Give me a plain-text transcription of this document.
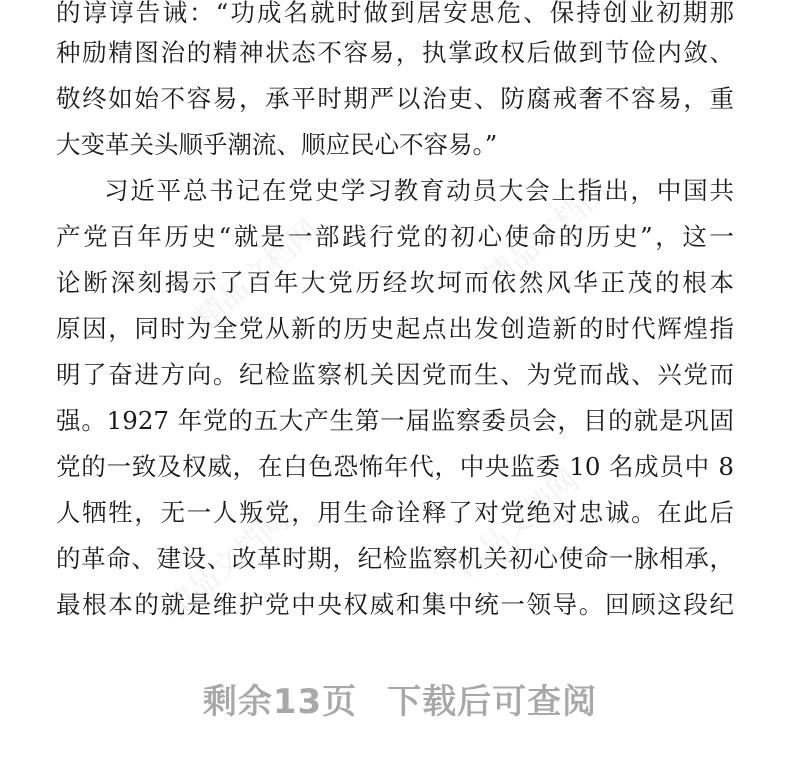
精品文档网	精品文档网
精品文档网	精品文档网
的谆谆告诫：“功成名就时做到居安思危、保持创业初期那
种励精图治的精神状态不容易，执掌政权后做到节俭内敛、
敬终如始不容易，承平时期严以治吏、防腐戒奢不容易，重
大变革关头顺乎潮流、顺应民心不容易。”
习近平总书记在党史学习教育动员大会上指出，中国共
产党百年历史“就是一部践行党的初心使命的历史”，这一
论断深刻揭示了百年大党历经坎坷而依然风华正茂的根本
原因，同时为全党从新的历史起点出发创造新的时代辉煌指
明了奋进方向。纪检监察机关因党而生、为党而战、兴党而
强。1927 年党的五大产生第一届监察委员会，目的就是巩固
党的一致及权威，在白色恐怖年代，中央监委 10 名成员中 8
人牺牲，无一人叛党，用生命诠释了对党绝对忠诚。在此后
的革命、建设、改革时期，纪检监察机关初心使命一脉相承，
最根本的就是维护党中央权威和集中统一领导。回顾这段纪
剩余13页 下载后可查阅
